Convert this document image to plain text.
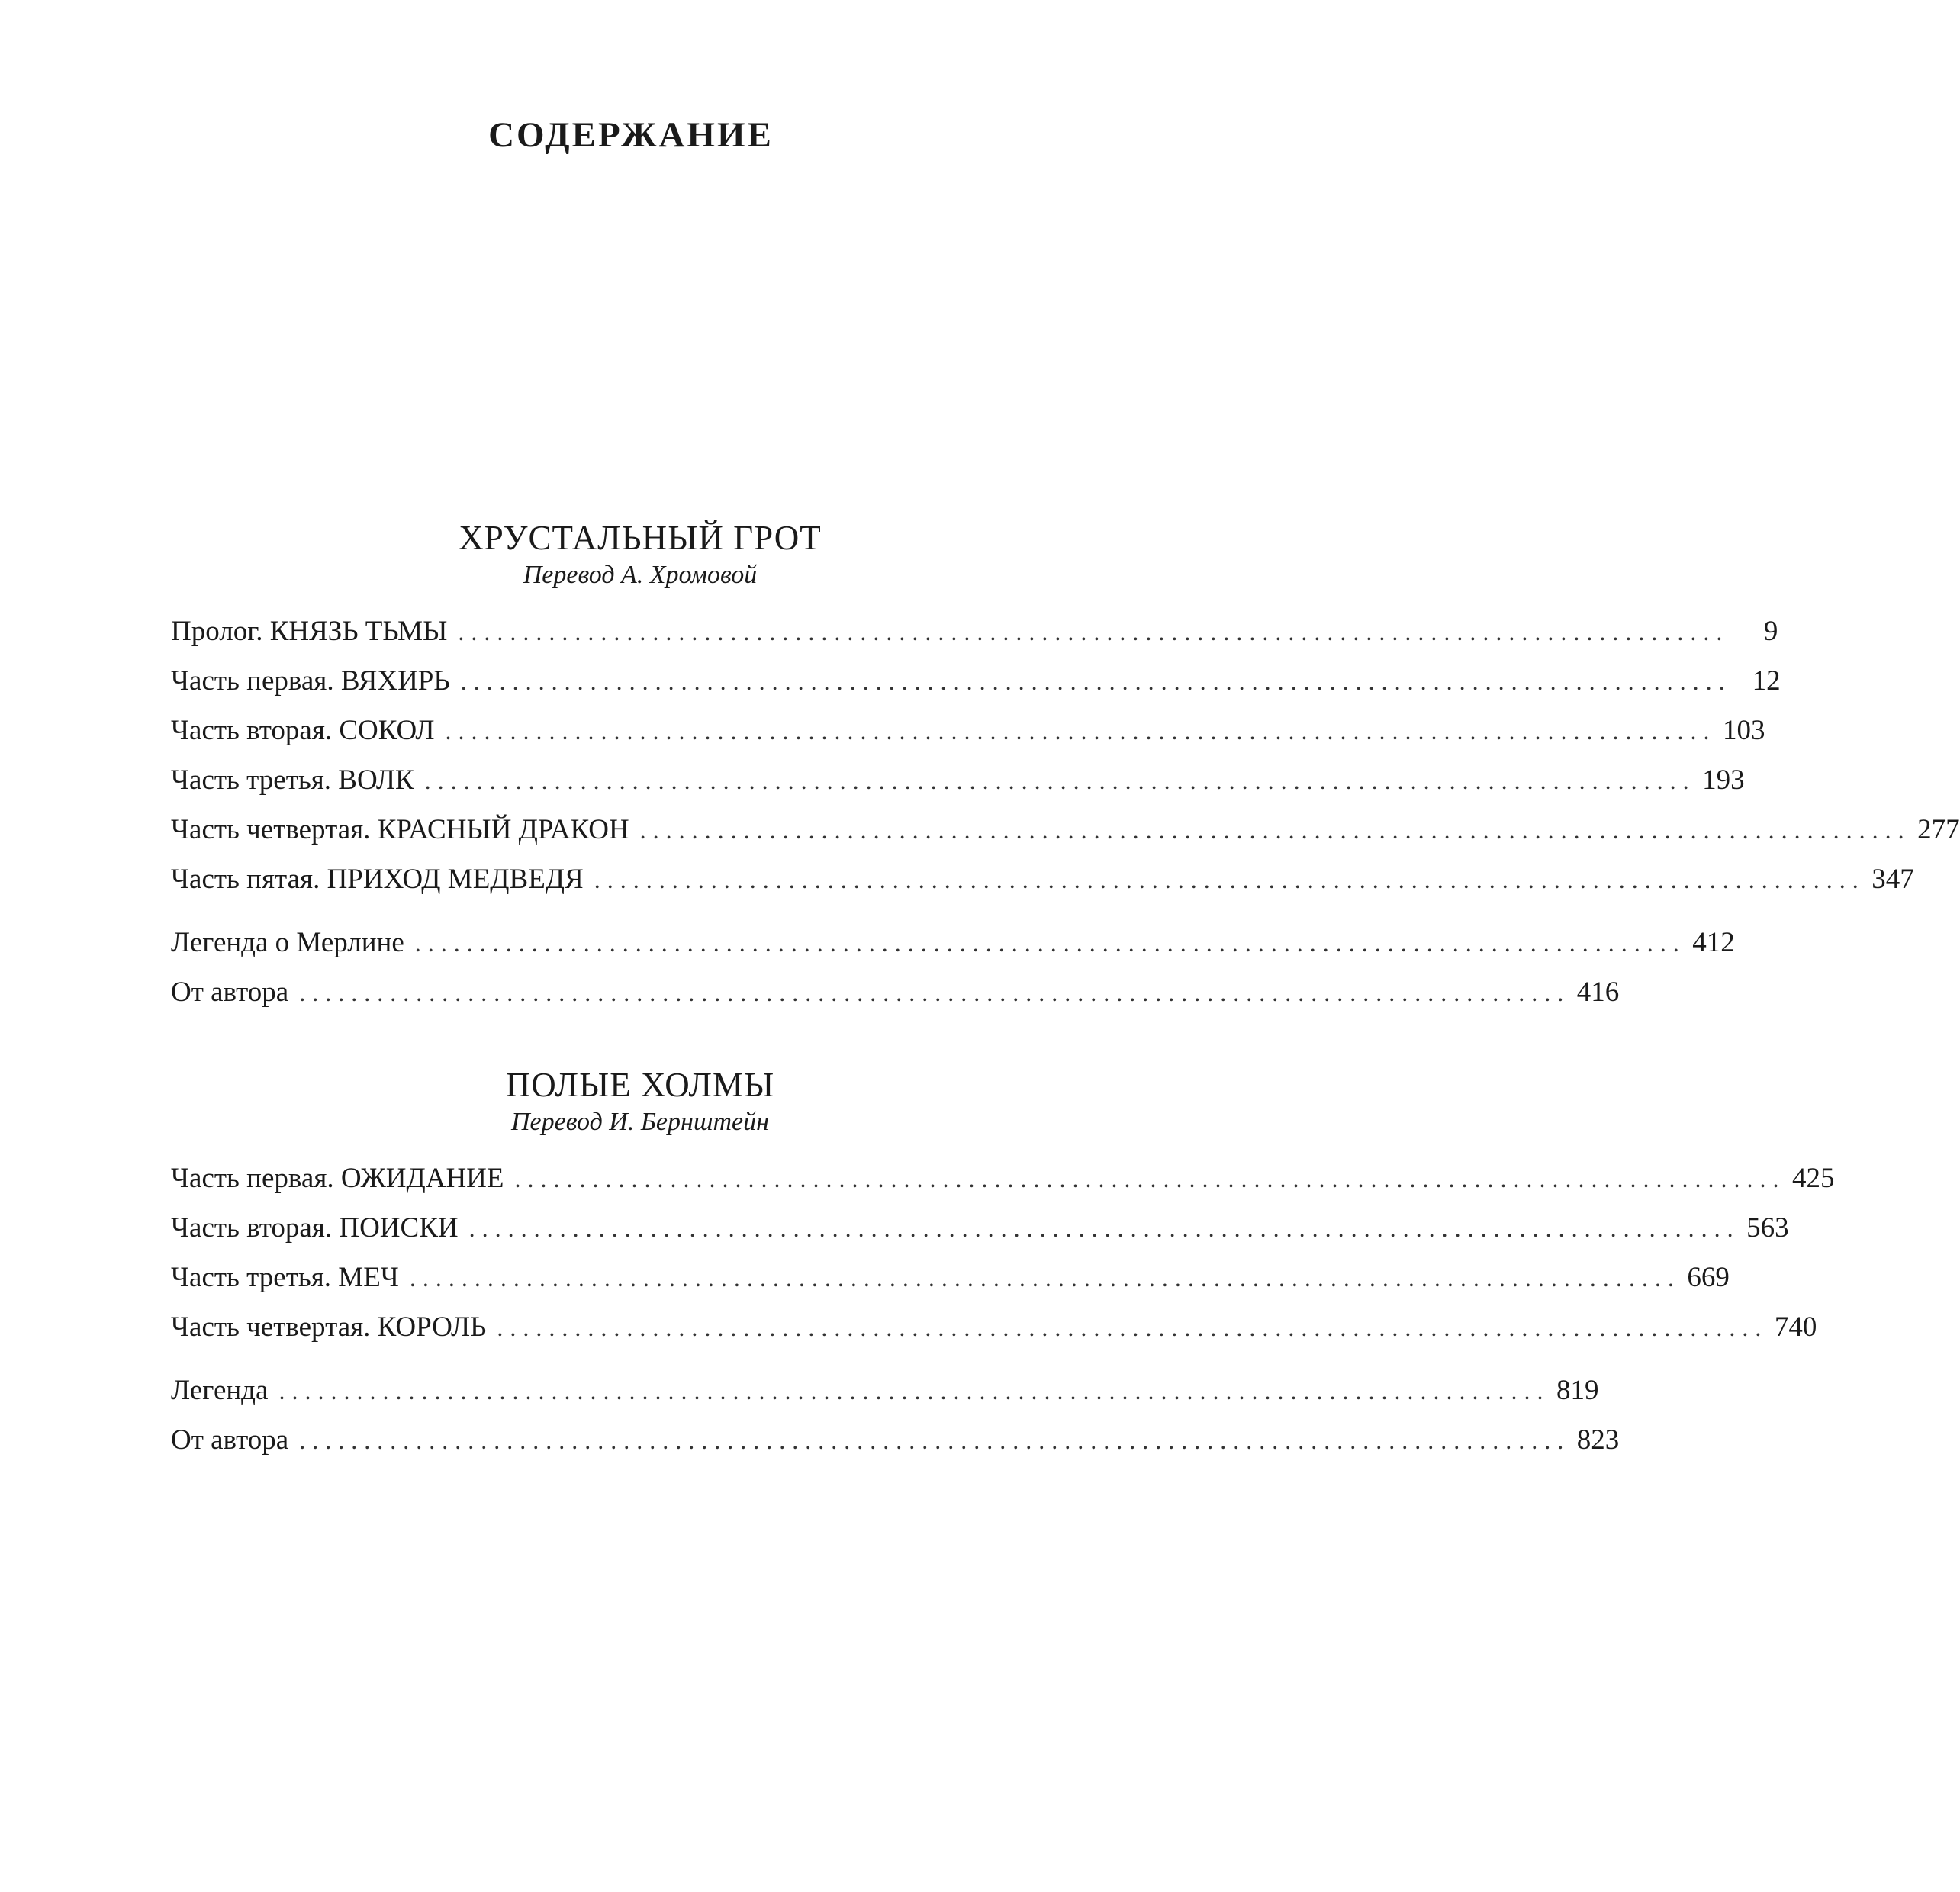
СОДЕРЖАНИЕ
ХРУСТАЛЬНЫЙ ГРОТ
Перевод А. Хромовой
Пролог. КНЯЗЬ ТЬМЫ ..................................................................................................	9
Часть первая. ВЯХИРЬ .................................................................................................. 12
Часть вторая. СОКОЛ .................................................................................................. 103
Часть третья. ВОЛК .................................................................................................. 193
Часть четвертая. КРАСНЫЙ ДРАКОН .................................................................................................. 277
Часть пятая. ПРИХОД МЕДВЕДЯ .................................................................................................. 347
Легенда о Мерлине .................................................................................................. 412
От автора .................................................................................................. 416
ПОЛЫЕ ХОЛМЫ
Перевод И. Бернштейн
Часть первая. ОЖИДАНИЕ .................................................................................................. 425
Часть вторая. ПОИСКИ .................................................................................................. 563
Часть третья. МЕЧ .................................................................................................. 669
Часть четвертая. КОРОЛЬ .................................................................................................. 740
Легенда .................................................................................................. 819
От автора .................................................................................................. 823
